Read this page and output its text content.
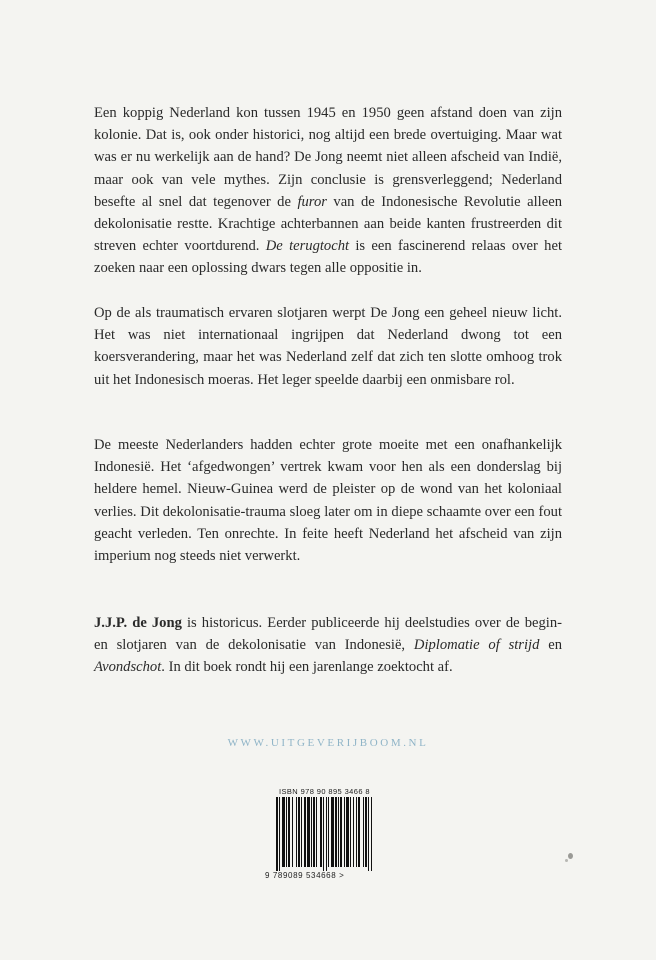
Een koppig Nederland kon tussen 1945 en 1950 geen afstand doen van zijn kolonie. Dat is, ook onder historici, nog altijd een brede overtuiging. Maar wat was er nu werkelijk aan de hand? De Jong neemt niet alleen afscheid van Indië, maar ook van vele mythes. Zijn conclusie is grensverleggend; Nederland besefte al snel dat tegenover de furor van de Indonesische Revolutie alleen dekolonisatie restte. Krachtige achterbannen aan beide kanten frustreerden dit streven echter voortdurend. De terugtocht is een fascinerend relaas over het zoeken naar een oplossing dwars tegen alle oppositie in.

Op de als traumatisch ervaren slotjaren werpt De Jong een geheel nieuw licht. Het was niet internationaal ingrijpen dat Nederland dwong tot een koersverandering, maar het was Nederland zelf dat zich ten slotte omhoog trok uit het Indonesisch moeras. Het leger speelde daarbij een onmisbare rol.

De meeste Nederlanders hadden echter grote moeite met een onafhankelijk Indonesië. Het ‘afgedwongen’ vertrek kwam voor hen als een donderslag bij heldere hemel. Nieuw-Guinea werd de pleister op de wond van het koloniaal verlies. Dit dekolonisatie-trauma sloeg later om in diepe schaamte over een fout geacht verleden. Ten onrechte. In feite heeft Nederland het afscheid van zijn imperium nog steeds niet verwerkt.

J.J.P. de Jong is historicus. Eerder publiceerde hij deelstudies over de begin- en slotjaren van de dekolonisatie van Indonesië, Diplomatie of strijd en Avondschot. In dit boek rondt hij een jarenlange zoektocht af.

WWW.UITGEVERIJBOOM.NL
ISBN 978 90 895 3466 8
9 789089 534668 >
